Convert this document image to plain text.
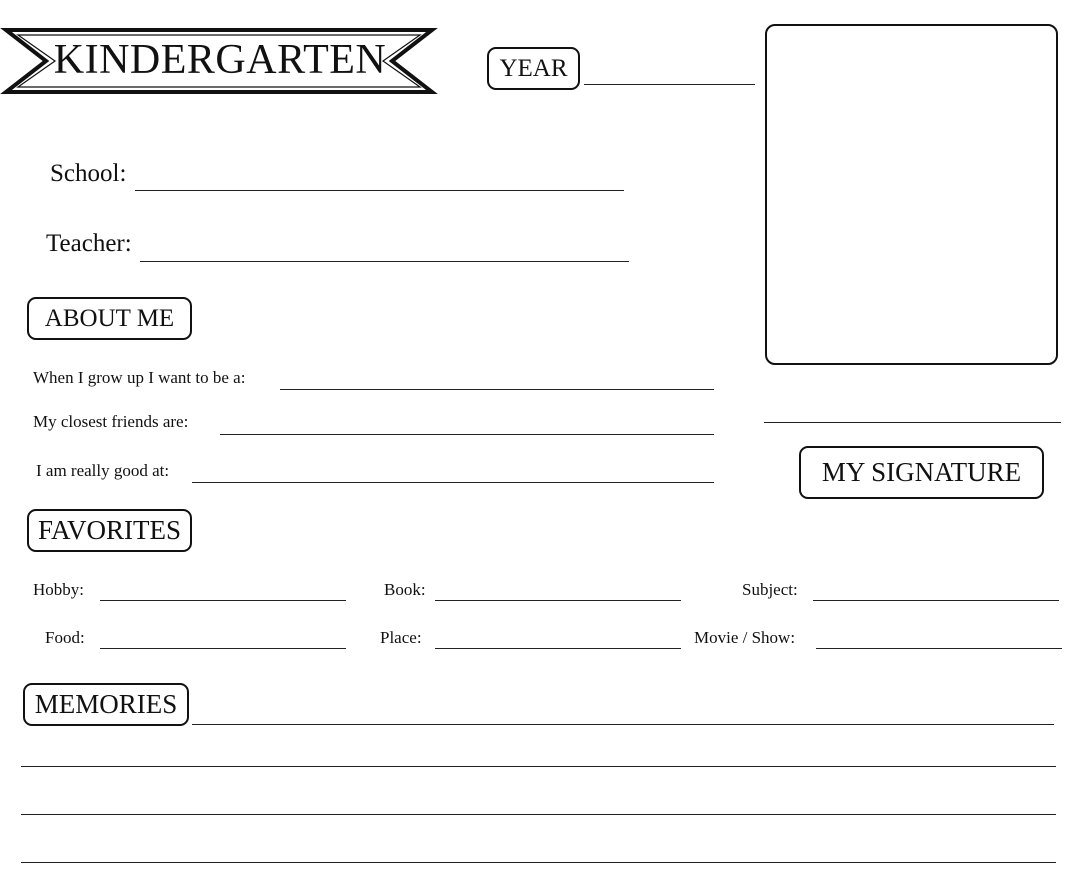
KINDERGARTEN	YEAR
School:
Teacher:
ABOUT ME
When I grow up I want to be a:
My closest friends are:
I am really good at:	MY SIGNATURE
FAVORITES
Hobby:	Book:	Subject:
Food:	Place:	Movie / Show:
MEMORIES
